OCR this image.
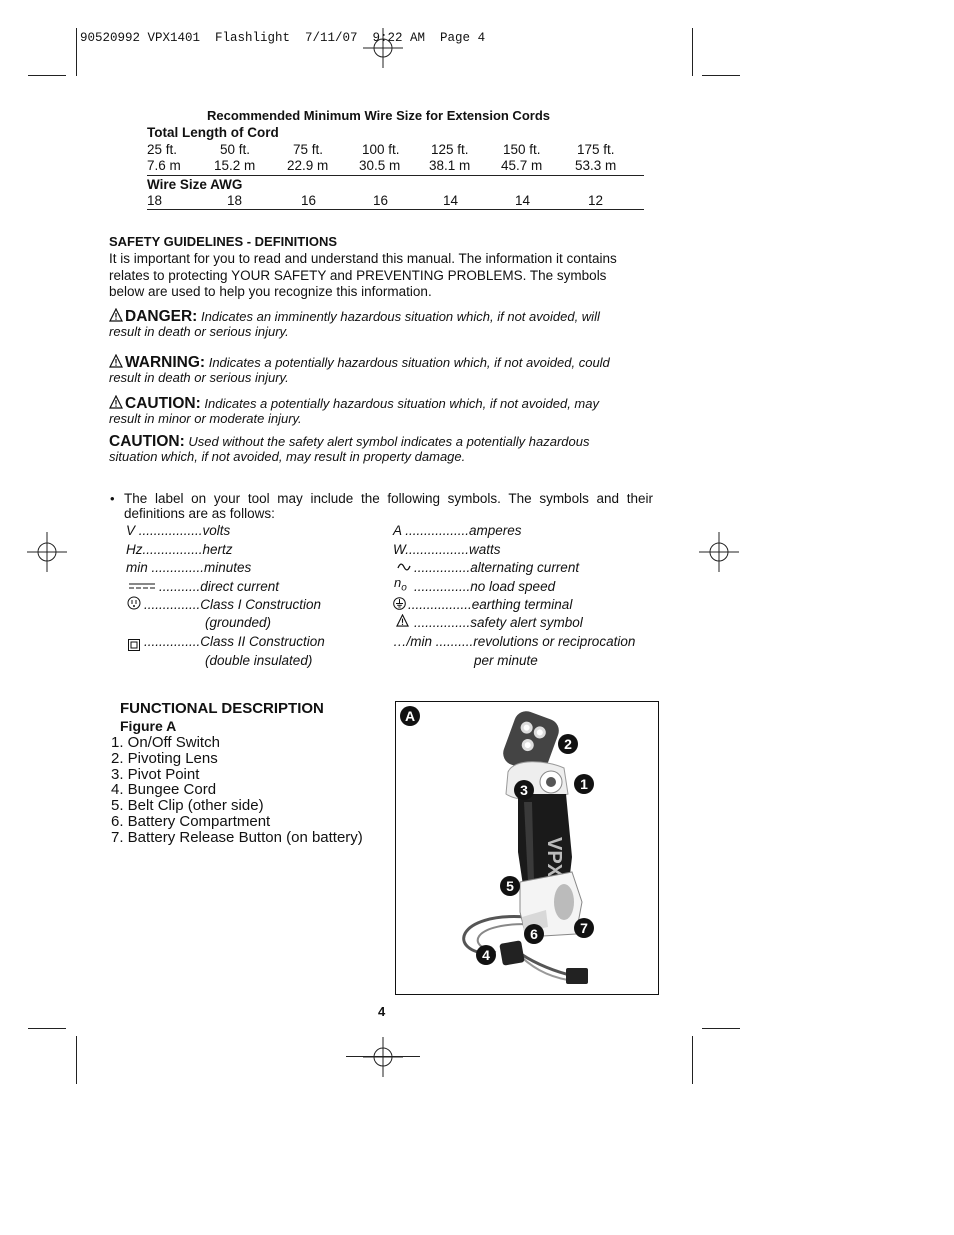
90520992 VPX1401  Flashlight  7/11/07  9:22 AM  Page 4
Recommended Minimum Wire Size for Extension Cords
Total Length of Cord
25 ft.	50 ft.	75 ft.	100 ft. 125 ft.	150 ft.	175 ft.
7.6 m 15.2 m 22.9 m 30.5 m 38.1 m 45.7 m 53.3 m
Wire Size AWG
18	18	16	16	14	14	12
SAFETY GUIDELINES - DEFINITIONS
It is important for you to read and understand this manual. The information it contains
relates to protecting YOUR SAFETY and PREVENTING PROBLEMS. The symbols
below are used to help you recognize this information.
DANGER: Indicates an imminently hazardous situation which, if not avoided, will
result in death or serious injury.
WARNING: Indicates a potentially hazardous situation which, if not avoided, could
result in death or serious injury.
CAUTION: Indicates a potentially hazardous situation which, if not avoided, may
result in minor or moderate injury.
CAUTION: Used without the safety alert symbol indicates a potentially hazardous
situation which, if not avoided, may result in property damage.
• The label on your tool may include the following symbols. The symbols and their
definitions are as follows:
V .................volts
Hz................hertz
min ..............minutes
...........direct current
...............Class I Construction
(grounded)
...............Class II Construction
(double insulated)
A .................amperes
W.................watts
...............alternating current
$n_o$ ...............no load speed
.................earthing terminal
...............safety alert symbol
…/min ..........revolutions or reciprocation
per minute
FUNCTIONAL DESCRIPTION
Figure A
1. On/Off Switch
2. Pivoting Lens
3. Pivot Point
4. Bungee Cord
5. Belt Clip (other side)
6. Battery Compartment
7. Battery Release Button (on battery)	VPX
A
2
1
3
5
7
6
4
4
